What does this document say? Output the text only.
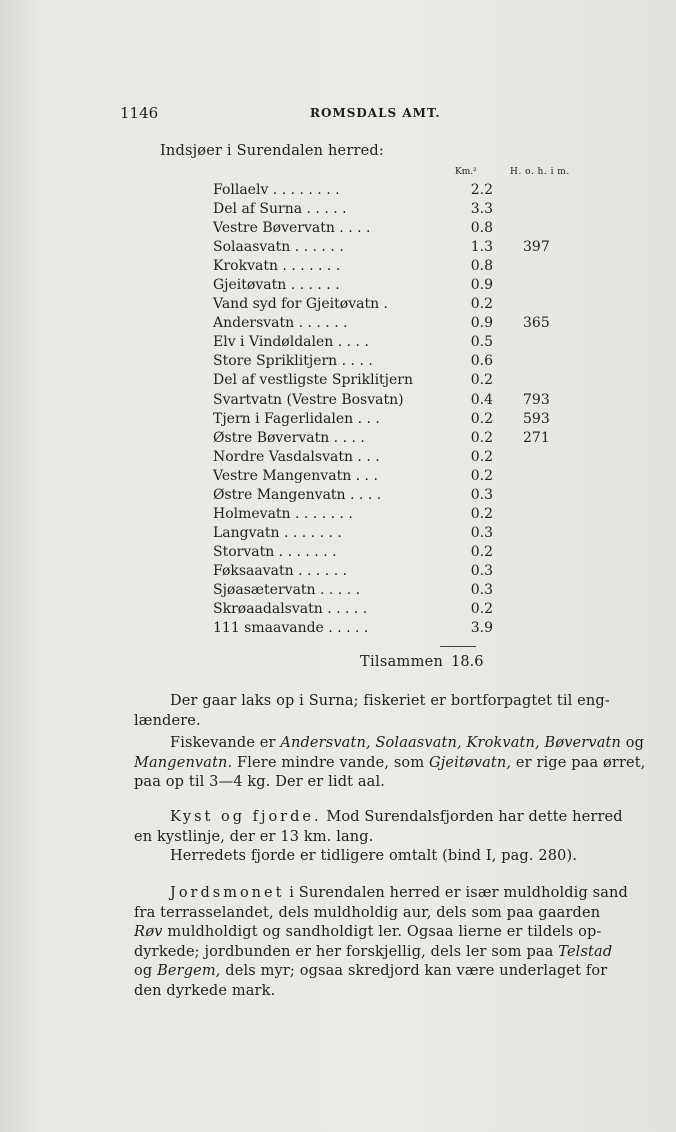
1146	ROMSDALS AMT.
Indsjøer i Surendalen herred:
Km.²	H. o. h. i m.
Follaelv . . . . . . . .	2.2
Del af Surna . . . . .	3.3
Vestre Bøvervatn . . . .	0.8
Solaasvatn . . . . . .	1.3 397
Krokvatn . . . . . . .	0.8
Gjeitøvatn . . . . . .	0.9
Vand syd for Gjeitøvatn .	0.2
Andersvatn . . . . . .	0.9 365
Elv i Vindøldalen . . . .	0.5
Store Spriklitjern . . . .	0.6
Del af vestligste Spriklitjern	0.2
Svartvatn (Vestre Bosvatn)	0.4 793
Tjern i Fagerlidalen . . .	0.2 593
Østre Bøvervatn . . . .	0.2 271
Nordre Vasdalsvatn . . .	0.2
Vestre Mangenvatn . . .	0.2
Østre Mangenvatn . . . .	0.3
Holmevatn . . . . . . .	0.2
Langvatn . . . . . . .	0.3
Storvatn . . . . . . .	0.2
Føksaavatn . . . . . .	0.3
Sjøasætervatn . . . . .	0.3
Skrøaadalsvatn . . . . .	0.2
111 smaavande . . . . .	3.9
Tilsammen 18.6
Der gaar laks op i Surna; fiskeriet er bortforpagtet til eng-
lændere.
Fiskevande er Andersvatn, Solaasvatn, Krokvatn, Bøvervatn og
Mangenvatn. Flere mindre vande, som Gjeitøvatn, er rige paa ørret,
paa op til 3—4 kg. Der er lidt aal.
Kyst og fjorde. Mod Surendalsfjorden har dette herred
en kystlinje, der er 13 km. lang.
Herredets fjorde er tidligere omtalt (bind I, pag. 280).
Jordsmonet i Surendalen herred er især muldholdig sand
fra terrasselandet, dels muldholdig aur, dels som paa gaarden
Røv muldholdigt og sandholdigt ler. Ogsaa lierne er tildels op-
dyrkede; jordbunden er her forskjellig, dels ler som paa Telstad
og Bergem, dels myr; ogsaa skredjord kan være underlaget for
den dyrkede mark.
